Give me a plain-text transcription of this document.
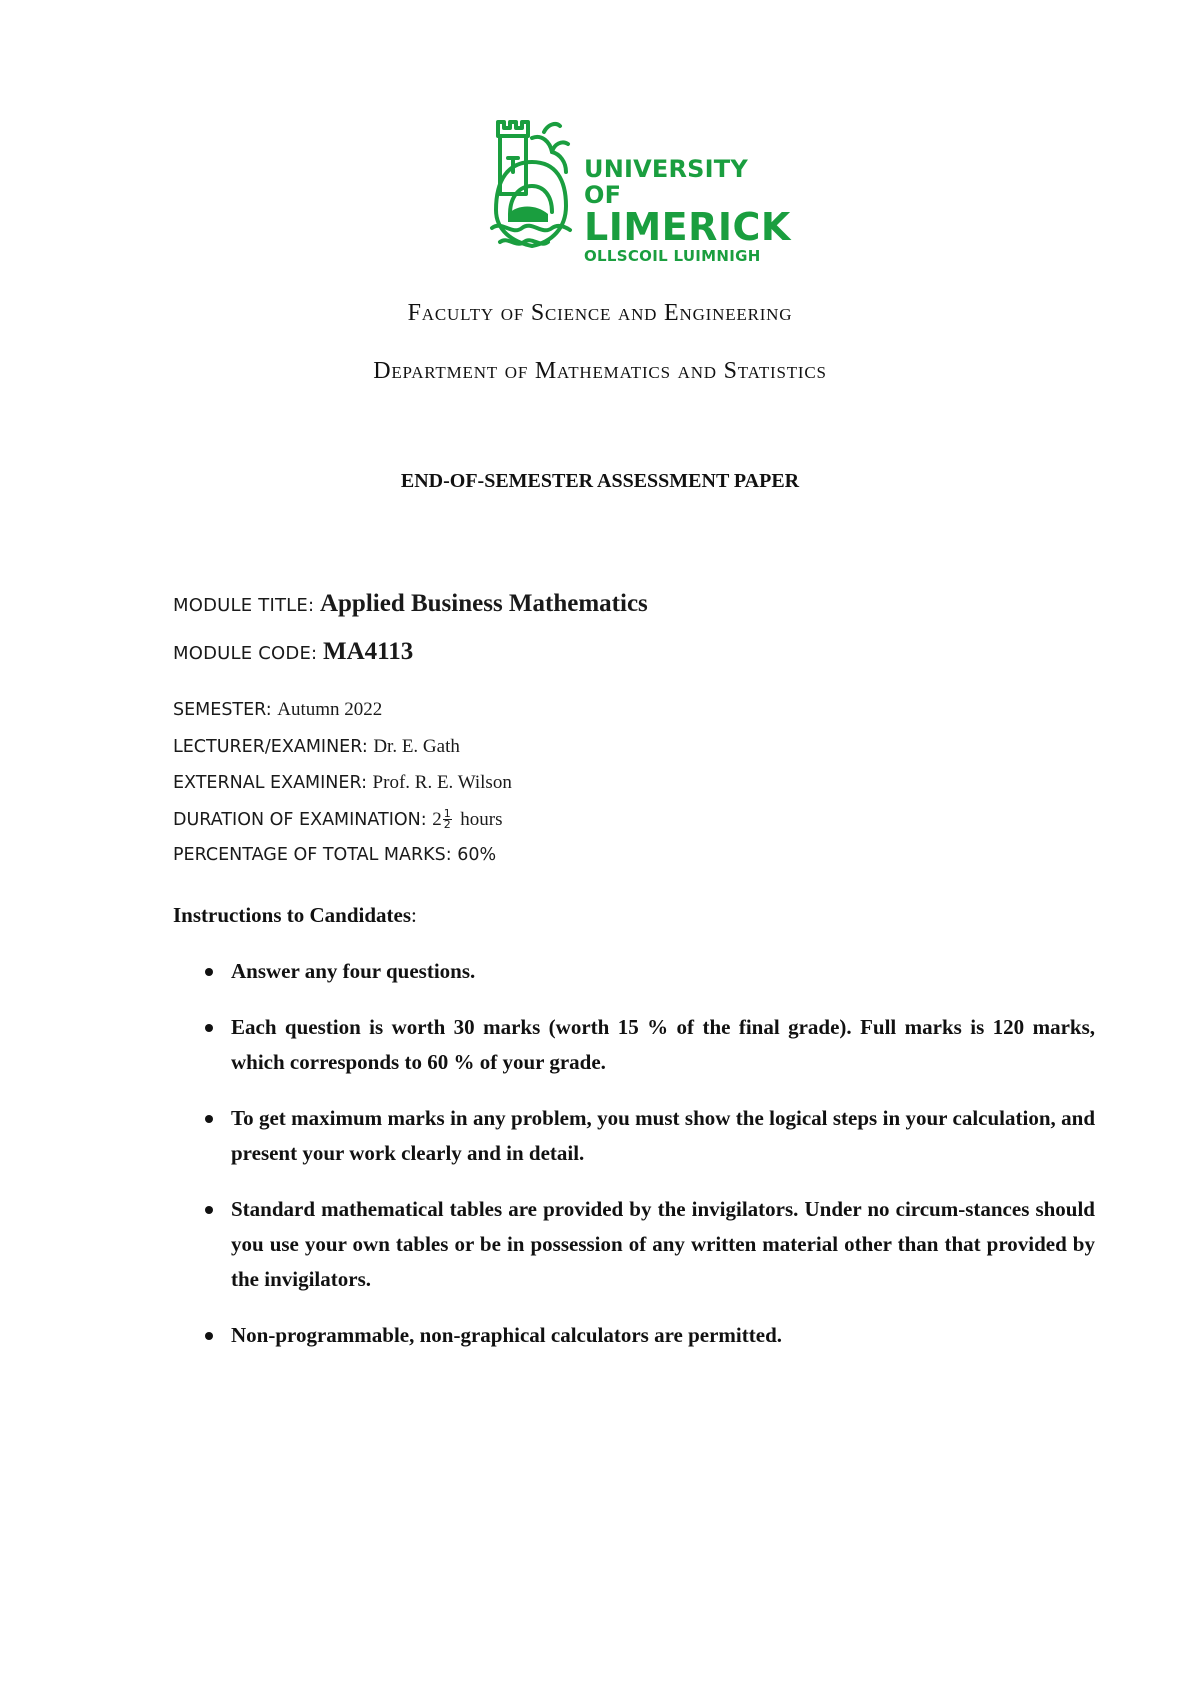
UNIVERSITY OF
LIMERICK
OLLSCOIL LUIMNIGH
Faculty of Science and Engineering
Department of Mathematics and Statistics
END-OF-SEMESTER ASSESSMENT PAPER
MODULE TITLE: Applied Business Mathematics
MODULE CODE: MA4113
SEMESTER: Autumn 2022
LECTURER/EXAMINER: Dr. E. Gath
EXTERNAL EXAMINER: Prof. R. E. Wilson
DURATION OF EXAMINATION: $2 \frac{1}{2}$ hours
PERCENTAGE OF TOTAL MARKS: 60%
Instructions to Candidates:
Answer any four questions.
Each question is worth 30 marks (worth 15 % of the final grade). Full marks is 120 marks, which corresponds to 60 % of your grade.
To get maximum marks in any problem, you must show the logical steps in your calculation, and present your work clearly and in detail.
Standard mathematical tables are provided by the invigilators. Under no circum-stances should you use your own tables or be in possession of any written material other than that provided by the invigilators.
Non-programmable, non-graphical calculators are permitted.
